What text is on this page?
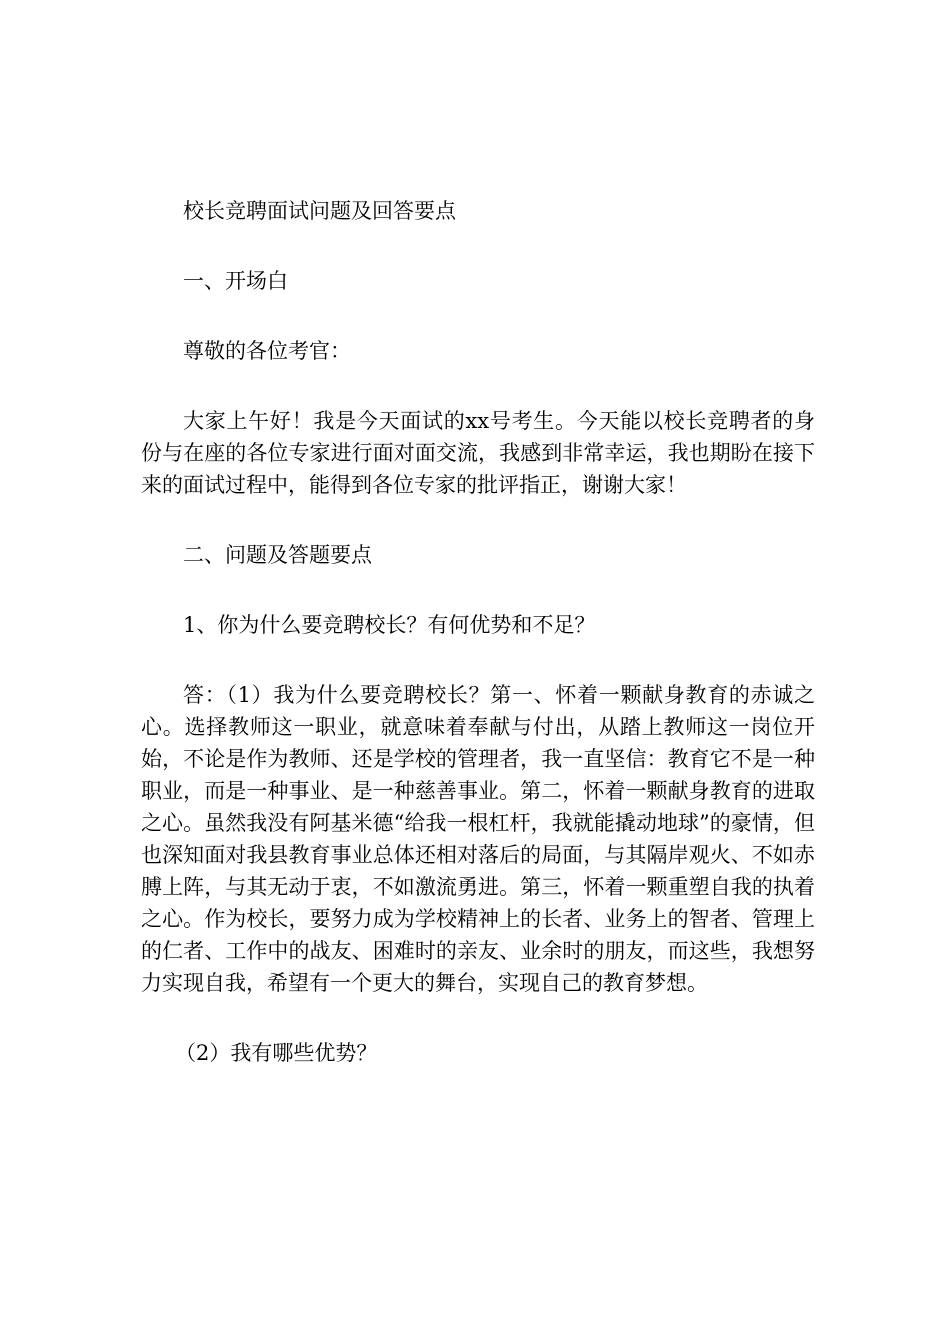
校长竞聘面试问题及回答要点

一、开场白

尊敬的各位考官：

大家上午好！我是今天面试的xx号考生。今天能以校长竞聘者的身份与在座的各位专家进行面对面交流，我感到非常幸运，我也期盼在接下来的面试过程中，能得到各位专家的批评指正，谢谢大家！

二、问题及答题要点

1、你为什么要竞聘校长？有何优势和不足？

答：（1）我为什么要竞聘校长？第一、怀着一颗献身教育的赤诚之心。选择教师这一职业，就意味着奉献与付出，从踏上教师这一岗位开始，不论是作为教师、还是学校的管理者，我一直坚信：教育它不是一种职业，而是一种事业、是一种慈善事业。第二，怀着一颗献身教育的进取之心。虽然我没有阿基米德“给我一根杠杆，我就能撬动地球”的豪情，但也深知面对我县教育事业总体还相对落后的局面，与其隔岸观火、不如赤膊上阵，与其无动于衷，不如激流勇进。第三，怀着一颗重塑自我的执着之心。作为校长，要努力成为学校精神上的长者、业务上的智者、管理上的仁者、工作中的战友、困难时的亲友、业余时的朋友，而这些，我想努力实现自我，希望有一个更大的舞台，实现自己的教育梦想。

（2）我有哪些优势？
